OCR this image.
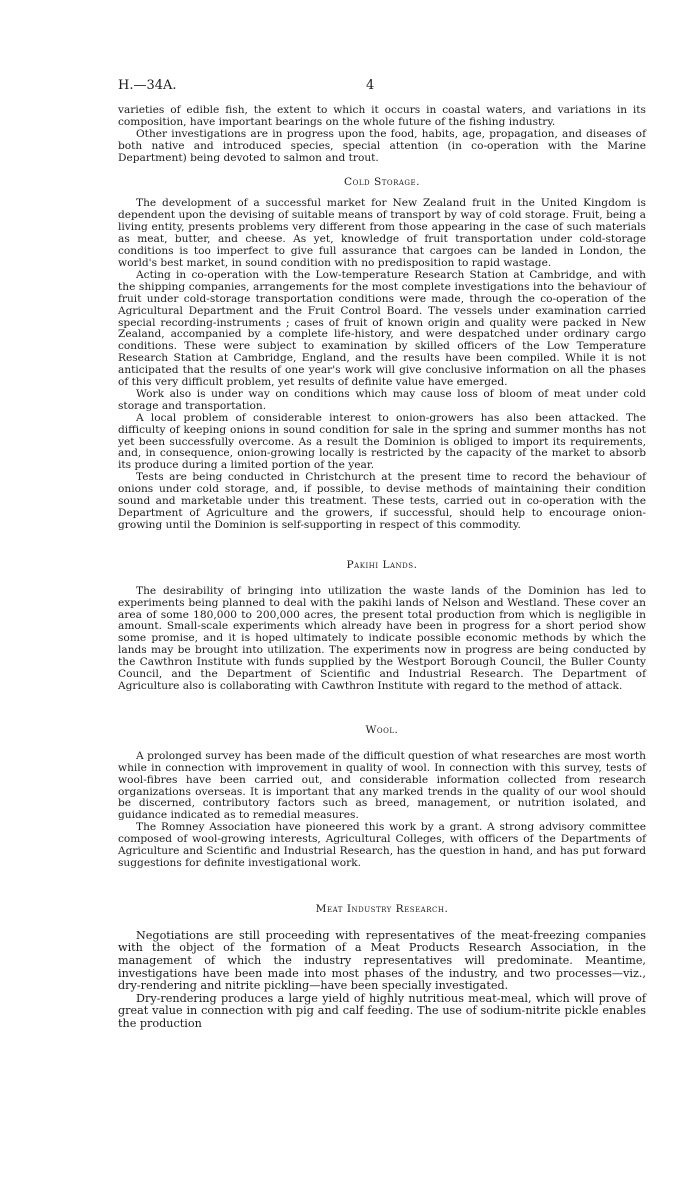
H.—34A.	4

varieties of edible fish, the extent to which it occurs in coastal waters, and variations in its composition, have important bearings on the whole future of the fishing industry.

Other investigations are in progress upon the food, habits, age, propagation, and diseases of both native and introduced species, special attention (in co-operation with the Marine Department) being devoted to salmon and trout.

Cold Storage.

The development of a successful market for New Zealand fruit in the United Kingdom is dependent upon the devising of suitable means of transport by way of cold storage. Fruit, being a living entity, presents problems very different from those appearing in the case of such materials as meat, butter, and cheese. As yet, knowledge of fruit transportation under cold-storage conditions is too imperfect to give full assurance that cargoes can be landed in London, the world's best market, in sound condition with no predisposition to rapid wastage.

Acting in co-operation with the Low-temperature Research Station at Cambridge, and with the shipping companies, arrangements for the most complete investigations into the behaviour of fruit under cold-storage transportation conditions were made, through the co-operation of the Agricultural Department and the Fruit Control Board. The vessels under examination carried special recording-instruments ; cases of fruit of known origin and quality were packed in New Zealand, accompanied by a complete life-history, and were despatched under ordinary cargo conditions. These were subject to examination by skilled officers of the Low Temperature Research Station at Cambridge, England, and the results have been compiled. While it is not anticipated that the results of one year's work will give conclusive information on all the phases of this very difficult problem, yet results of definite value have emerged.

Work also is under way on conditions which may cause loss of bloom of meat under cold storage and transportation.

A local problem of considerable interest to onion-growers has also been attacked. The difficulty of keeping onions in sound condition for sale in the spring and summer months has not yet been successfully overcome. As a result the Dominion is obliged to import its requirements, and, in consequence, onion-growing locally is restricted by the capacity of the market to absorb its produce during a limited portion of the year.

Tests are being conducted in Christchurch at the present time to record the behaviour of onions under cold storage, and, if possible, to devise methods of maintaining their condition sound and marketable under this treatment. These tests, carried out in co-operation with the Department of Agriculture and the growers, if successful, should help to encourage onion-growing until the Dominion is self-supporting in respect of this commodity.

Pakihi Lands.

The desirability of bringing into utilization the waste lands of the Dominion has led to experiments being planned to deal with the pakihi lands of Nelson and Westland. These cover an area of some 180,000 to 200,000 acres, the present total production from which is negligible in amount. Small-scale experiments which already have been in progress for a short period show some promise, and it is hoped ultimately to indicate possible economic methods by which the lands may be brought into utilization. The experiments now in progress are being conducted by the Cawthron Institute with funds supplied by the Westport Borough Council, the Buller County Council, and the Department of Scientific and Industrial Research. The Department of Agriculture also is collaborating with Cawthron Institute with regard to the method of attack.

Wool.

A prolonged survey has been made of the difficult question of what researches are most worth while in connection with improvement in quality of wool. In connection with this survey, tests of wool-fibres have been carried out, and considerable information collected from research organizations overseas. It is important that any marked trends in the quality of our wool should be discerned, contributory factors such as breed, management, or nutrition isolated, and guidance indicated as to remedial measures.

The Romney Association have pioneered this work by a grant. A strong advisory committee composed of wool-growing interests, Agricultural Colleges, with officers of the Departments of Agriculture and Scientific and Industrial Research, has the question in hand, and has put forward suggestions for definite investigational work.

Meat Industry Research.

Negotiations are still proceeding with representatives of the meat-freezing companies with the object of the formation of a Meat Products Research Association, in the management of which the industry representatives will predominate. Meantime, investigations have been made into most phases of the industry, and two processes—viz., dry-rendering and nitrite pickling—have been specially investigated.

Dry-rendering produces a large yield of highly nutritious meat-meal, which will prove of great value in connection with pig and calf feeding. The use of sodium-nitrite pickle enables the production
